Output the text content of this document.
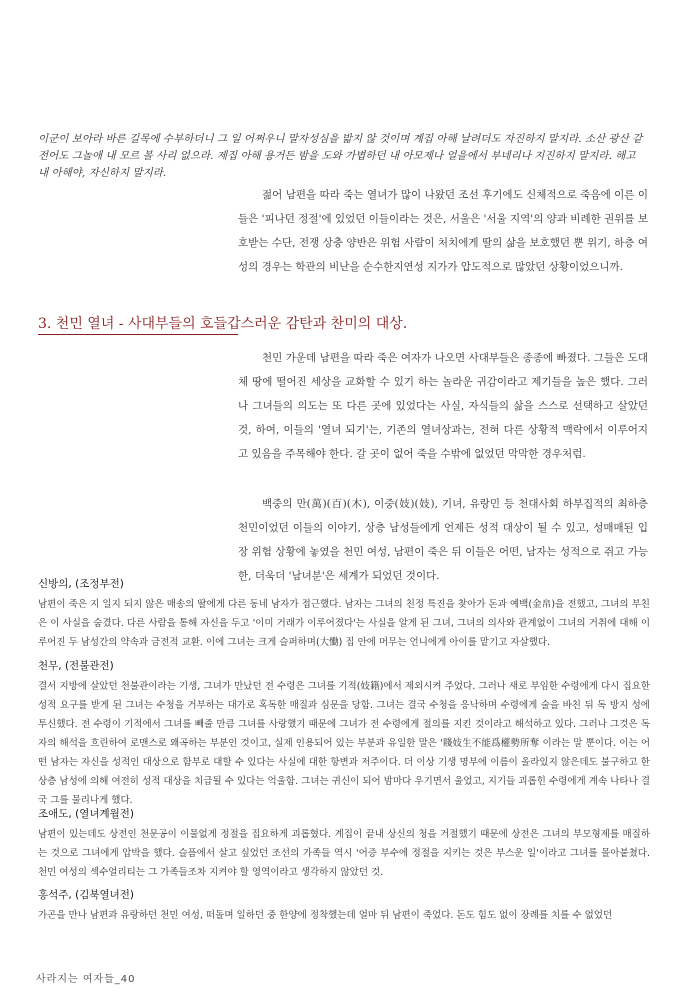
이군이 보아라 바른 길목에 수부하더니 그 일 어쩌우니 말자성심을 밟지 않 것이며 계집 아해 날려더도 자진하지 말지라. 소산 광산 같 전어도 그놀애 내 모르 볼 사리 없으라. 제집 아해 용거든 밤을 도와 가볍하던 내 아모제나 얼을에서 부네리나 지진하지 말지라. 해고 내 아해야, 자신하지 말지라.

젊어 남편을 따라 죽는 열녀가 많이 나왔던 조선 후기에도 신체적으로 죽음에 이른 이들은 '피나던 정절'에 있었던 이들이라는 것은, 서울은 '서울 지역'의 양과 비례한 권위를 보호받는 수단, 전쟁 상충 양반은 위험 사람이 처치에게 딸의 삶을 보호했던 뿐 위기, 하층 여성의 경우는 학관의 비난을 순수한지연성 지가가 압도적으로 많았던 상황이었으니까.

3. 천민 열녀 - 사대부들의 호들갑스러운 감탄과 찬미의 대상.

천민 가운데 남편을 따라 죽은 여자가 나오면 사대부들은 종종에 빠졌다. 그들은 도대체 땅에 떨어진 세상을 교화할 수 있기 하는 놀라운 귀감이라고 제기들을 높은 했다. 그러나 그녀들의 의도는 또 다른 곳에 있었다는 사실, 자식들의 삶을 스스로 선택하고 살았던 것, 하여, 이들의 '열녀 되기'는, 기존의 열녀상과는, 전혀 다른 상황적 맥락에서 이루어지고 있음을 주목해야 한다. 갈 곳이 없어 죽을 수밖에 없었던 막막한 경우처럼.

백중의 만(萬)(百)(木), 이중(妓)(妓), 기녀, 유랑민 등 천대사회 하부집적의 최하층 천민이었던 이들의 이야기, 상층 남성들에게 언제든 성적 대상이 될 수 있고, 성매매된 입장 위험 상황에 놓였을 천민 여성, 남편이 죽은 뒤 이들은 어떤, 남자는 성적으로 쥐고 가능한, 더욱더 '남녀분'은 세계가 되었던 것이다.

신방의, (조정부전)
남편이 죽은 지 일지 되지 않은 매송의 딸에게 다른 동네 남자가 접근했다. 남자는 그녀의 친정 특진을 찾아가 돈과 예백(金帛)을 전했고, 그녀의 부친은 이 사실을 숨겼다. 다른 사람을 통해 자신을 두고 '이미 거래가 이루어졌다'는 사실을 알게 된 그녀, 그녀의 의사와 관계없이 그녀의 거취에 대해 이루어진 두 남성간의 약속과 금전적 교환. 이에 그녀는 크게 슬퍼하며(大慟) 집 안에 머무는 언니에게 아이를 맡기고 자살했다.
천무, (전불관전)
결서 지방에 살았던 천불관이라는 기생, 그녀가 만났던 전 수령은 그녀를 기적(妓籍)에서 제외시켜 주었다. 그러나 새로 부임한 수령에게 다시 집요한 성적 요구를 받게 된 그녀는 수청을 거부하는 대가로 혹독한 매질과 심문을 당함. 그녀는 결국 수청을 응낙하며 수령에게 술을 바친 뒤 독 방지 성에 투신했다. 전 수령이 기적에서 그녀를 빼줄 만큼 그녀를 사랑했기 때문에 그녀가 전 수령에게 절의를 지킨 것이라고 해석하고 있다. 그러나 그것은 독자의 해석을 흐린하여 로맨스로 왜곡하는 부분인 것이고, 실제 인용되어 있는 부분과 유일한 말은 '賤妓生不能爲權勢所奪 이라는 말 뿐이다. 이는 어떤 남자는 자신을 성적인 대상으로 함부로 대할 수 있다는 사실에 대한 항변과 저주이다. 더 이상 기생 명부에 이름이 올라있지 않은데도 불구하고 한 상층 남성에 의해 여전히 성적 대상을 치급될 수 있다는 억울함. 그녀는 귀신이 되어 밤마다 우기면서 울었고, 지기들 괴롭힌 수령에게 계속 나타나 결국 그를 물리나게 했다.
조애도, (열녀계월전)
남편이 있는데도 상전인 천문공이 이물없게 정절을 집요하게 괴롭혔다. 계집이 끝내 상신의 청을 거절했기 때문에 상전은 그녀의 부모형제를 매질하는 것으로 그녀에게 압박을 했다. 슬픔에서 살고 싶었던 조선의 가족들 역시 '어증 부수에 정절을 지키는 것은 부스운 일'이라고 그녀를 몰아붙쳤다. 천민 여성의 섹수얼리티는 그 가족들조차 지켜야 할 영역이라고 생각하지 않았던 것.
홍석주, (김북열녀전)
가곤을 만나 남편과 유랑하던 천민 여성, 떠돌며 일하던 중 한양에 정착했는데 얼마 뒤 남편이 죽었다. 돈도 힘도 없이 장례를 치를 수 없었던
사라지는 여자들_40
